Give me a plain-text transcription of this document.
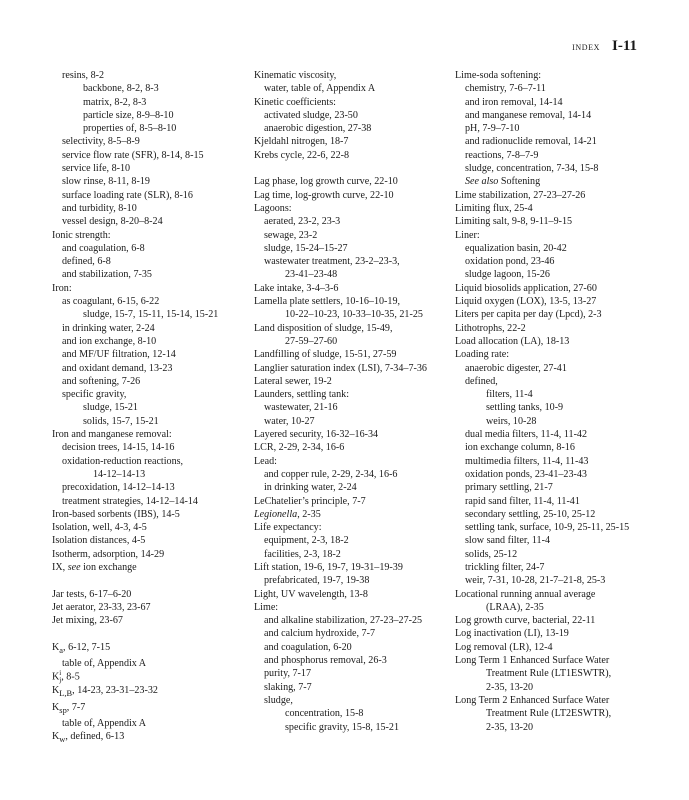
INDEX I-11
resins, 8-2
backbone, 8-2, 8-3
matrix, 8-2, 8-3
particle size, 8-9–8-10
properties of, 8-5–8-10
selectivity, 8-5–8-9
service flow rate (SFR), 8-14, 8-15
service life, 8-10
slow rinse, 8-11, 8-19
surface loading rate (SLR), 8-16
and turbidity, 8-10
vessel design, 8-20–8-24
Ionic strength:
and coagulation, 6-8
defined, 6-8
and stabilization, 7-35
Iron:
as coagulant, 6-15, 6-22
sludge, 15-7, 15-11, 15-14, 15-21
in drinking water, 2-24
and ion exchange, 8-10
and MF/UF filtration, 12-14
and oxidant demand, 13-23
and softening, 7-26
specific gravity,
sludge, 15-21
solids, 15-7, 15-21
Iron and manganese removal:
decision trees, 14-15, 14-16
oxidation-reduction reactions,
14-12–14-13
precoxidation, 14-12–14-13
treatment strategies, 14-12–14-14
Iron-based sorbents (IBS), 14-5
Isolation, well, 4-3, 4-5
Isolation distances, 4-5
Isotherm, adsorption, 14-29
IX, see ion exchange
Jar tests, 6-17–6-20
Jet aerator, 23-33, 23-67
Jet mixing, 23-67
$K_a$, 6-12, 7-15
table of, Appendix A
K i
j , 8-5
$K_{L,B}$, 14-23, 23-31–23-32
$K_{sp}$, 7-7
table of, Appendix A
$K_w$, defined, 6-13
Kinematic viscosity,
water, table of, Appendix A
Kinetic coefficients:
activated sludge, 23-50
anaerobic digestion, 27-38
Kjeldahl nitrogen, 18-7
Krebs cycle, 22-6, 22-8
Lag phase, log growth curve, 22-10
Lag time, log-growth curve, 22-10
Lagoons:
aerated, 23-2, 23-3
sewage, 23-2
sludge, 15-24–15-27
wastewater treatment, 23-2–23-3,
23-41–23-48
Lake intake, 3-4–3-6
Lamella plate settlers, 10-16–10-19,
10-22–10-23, 10-33–10-35, 21-25
Land disposition of sludge, 15-49,
27-59–27-60
Landfilling of sludge, 15-51, 27-59
Langlier saturation index (LSI), 7-34–7-36
Lateral sewer, 19-2
Launders, settling tank:
wastewater, 21-16
water, 10-27
Layered security, 16-32–16-34
LCR, 2-29, 2-34, 16-6
Lead:
and copper rule, 2-29, 2-34, 16-6
in drinking water, 2-24
LeChatelier’s principle, 7-7
Legionella, 2-35
Life expectancy:
equipment, 2-3, 18-2
facilities, 2-3, 18-2
Lift station, 19-6, 19-7, 19-31–19-39
prefabricated, 19-7, 19-38
Light, UV wavelength, 13-8
Lime:
and alkaline stabilization, 27-23–27-25
and calcium hydroxide, 7-7
and coagulation, 6-20
and phosphorus removal, 26-3
purity, 7-17
slaking, 7-7
sludge,
concentration, 15-8
specific gravity, 15-8, 15-21
Lime-soda softening:
chemistry, 7-6–7-11
and iron removal, 14-14
and manganese removal, 14-14
pH, 7-9–7-10
and radionuclide removal, 14-21
reactions, 7-8–7-9
sludge, concentration, 7-34, 15-8
See also Softening
Lime stabilization, 27-23–27-26
Limiting flux, 25-4
Limiting salt, 9-8, 9-11–9-15
Liner:
equalization basin, 20-42
oxidation pond, 23-46
sludge lagoon, 15-26
Liquid biosolids application, 27-60
Liquid oxygen (LOX), 13-5, 13-27
Liters per capita per day (Lpcd), 2-3
Lithotrophs, 22-2
Load allocation (LA), 18-13
Loading rate:
anaerobic digester, 27-41
defined,
filters, 11-4
settling tanks, 10-9
weirs, 10-28
dual media filters, 11-4, 11-42
ion exchange column, 8-16
multimedia filters, 11-4, 11-43
oxidation ponds, 23-41–23-43
primary settling, 21-7
rapid sand filter, 11-4, 11-41
secondary settling, 25-10, 25-12
settling tank, surface, 10-9, 25-11, 25-15
slow sand filter, 11-4
solids, 25-12
trickling filter, 24-7
weir, 7-31, 10-28, 21-7–21-8, 25-3
Locational running annual average
(LRAA), 2-35
Log growth curve, bacterial, 22-11
Log inactivation (LI), 13-19
Log removal (LR), 12-4
Long Term 1 Enhanced Surface Water
Treatment Rule (LT1ESWTR),
2-35, 13-20
Long Term 2 Enhanced Surface Water
Treatment Rule (LT2ESWTR),
2-35, 13-20
